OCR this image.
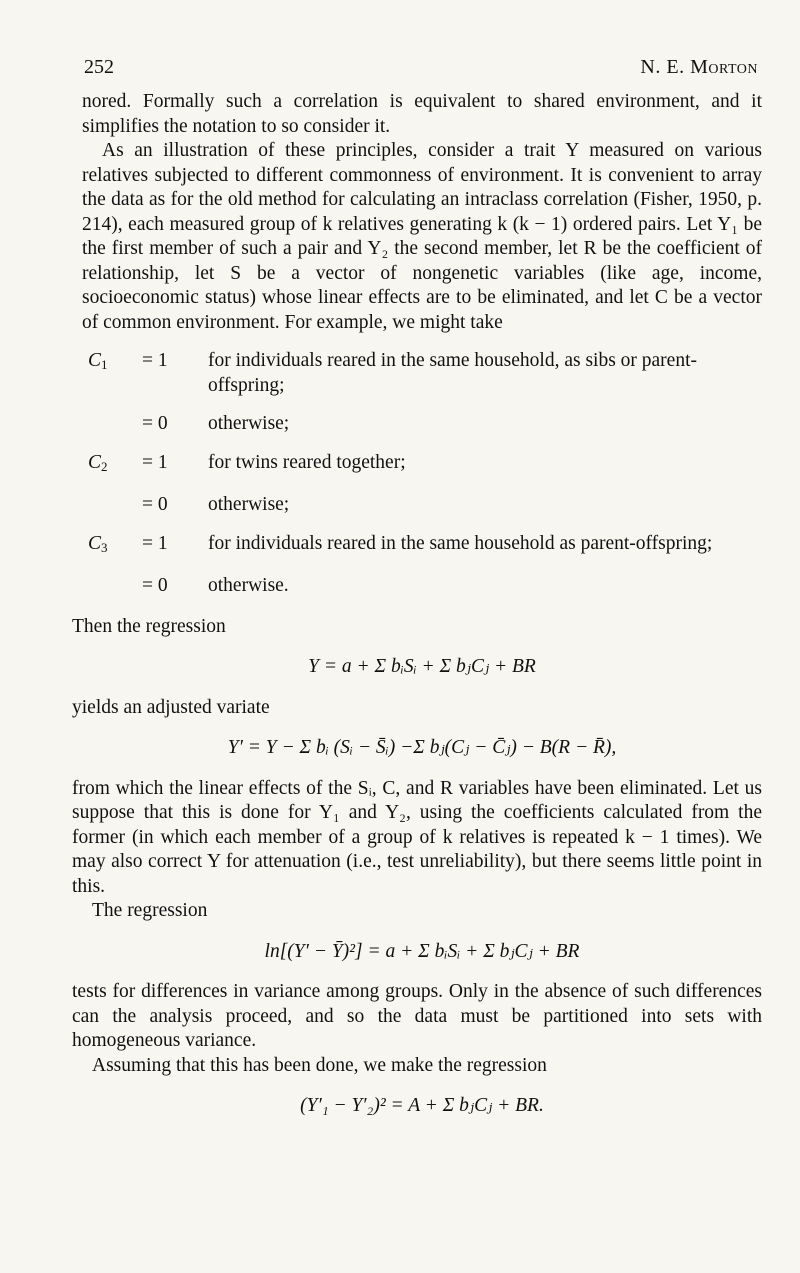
252	N. E. Morton

nored. Formally such a correlation is equivalent to shared environment, and it simplifies the notation to so consider it.

As an illustration of these principles, consider a trait Y measured on various relatives subjected to different commonness of environment. It is convenient to array the data as for the old method for calculating an intraclass correlation (Fisher, 1950, p. 214), each measured group of k relatives generating k (k − 1) ordered pairs. Let Y₁ be the first member of such a pair and Y₂ the second member, let R be the coefficient of relationship, let S be a vector of nongenetic variables (like age, income, socioeconomic status) whose linear effects are to be eliminated, and let C be a vector of common environment. For example, we might take

$C_1$	= 1	for individuals reared in the same household, as sibs or parent-offspring;
= 0	otherwise;
$C_2$	= 1	for twins reared together;
= 0	otherwise;
$C_3$	= 1	for individuals reared in the same household as parent-offspring;
= 0	otherwise.

Then the regression

Y = a + Σ bᵢSᵢ + Σ bⱼCⱼ + BR

yields an adjusted variate

Y′ = Y − Σ bᵢ (Sᵢ − S̄ᵢ) −Σ bⱼ(Cⱼ − C̄ⱼ) − B(R − R̄),

from which the linear effects of the Sᵢ, C, and R variables have been eliminated. Let us suppose that this is done for Y₁ and Y₂, using the coefficients calculated from the former (in which each member of a group of k relatives is repeated k − 1 times). We may also correct Y for attenuation (i.e., test unreliability), but there seems little point in this.

The regression

ln[(Y′ − Ȳ)²] = a + Σ bᵢSᵢ + Σ bⱼCⱼ + BR

tests for differences in variance among groups. Only in the absence of such differences can the analysis proceed, and so the data must be partitioned into sets with homogeneous variance.

Assuming that this has been done, we make the regression

(Y′₁ − Y′₂)² = A + Σ bⱼCⱼ + BR.
